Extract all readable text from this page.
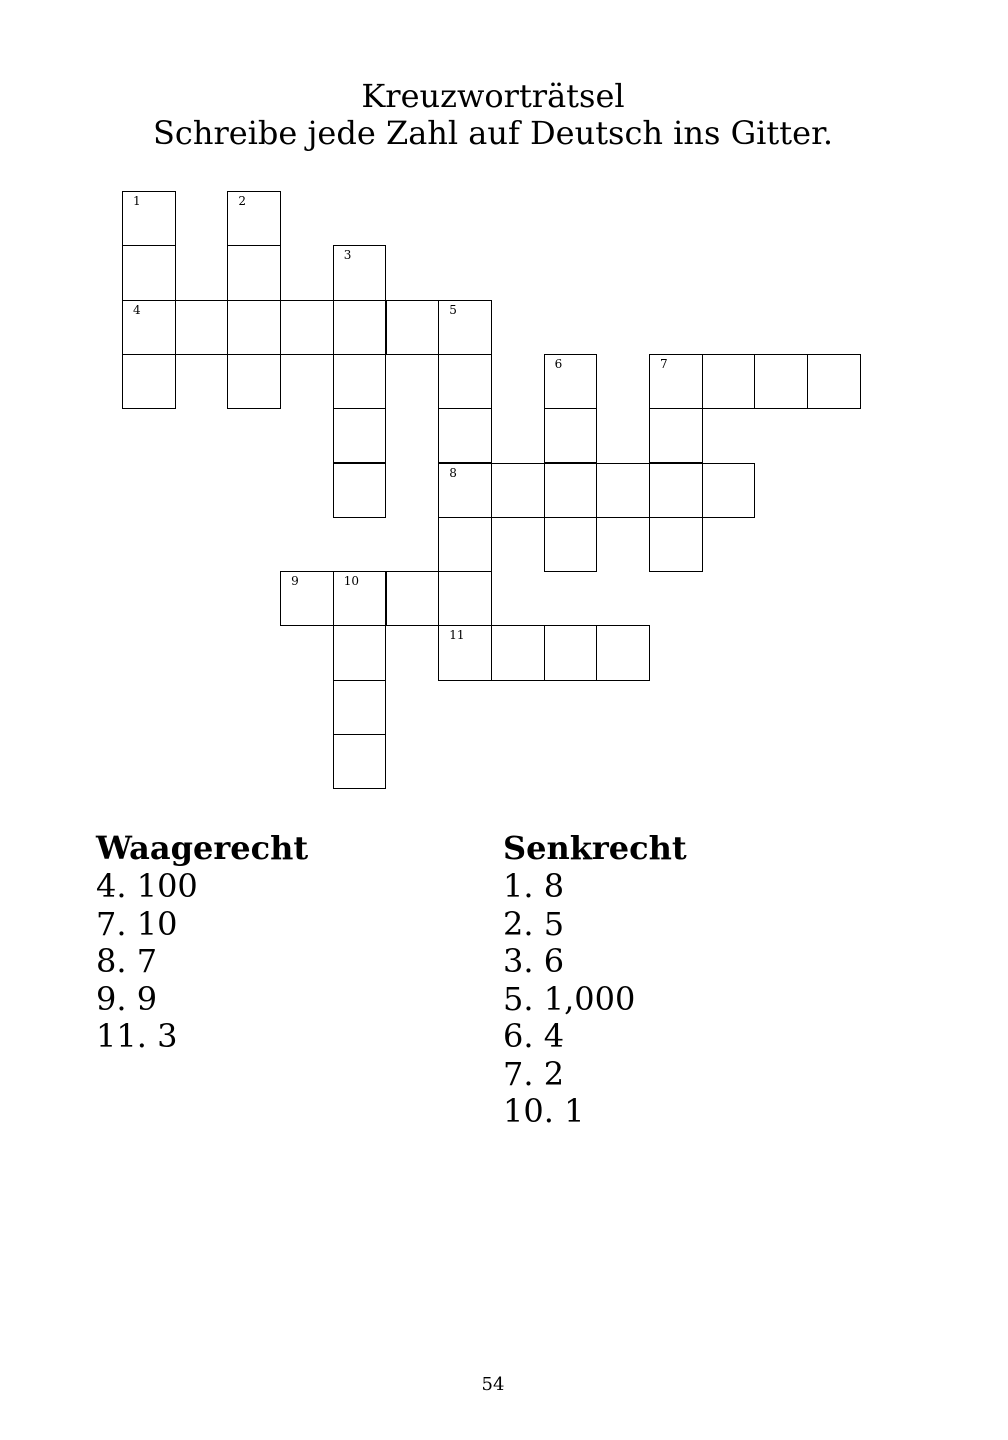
Kreuzworträtsel
Schreibe jede Zahl auf Deutsch ins Gitter.
1	2
3
4	5
6	7
8
9	10
11
Waagerecht
4. 100
7. 10
8. 7
9. 9
11. 3
Senkrecht
1. 8
2. 5
3. 6
5. 1,000
6. 4
7. 2
10. 1
54
